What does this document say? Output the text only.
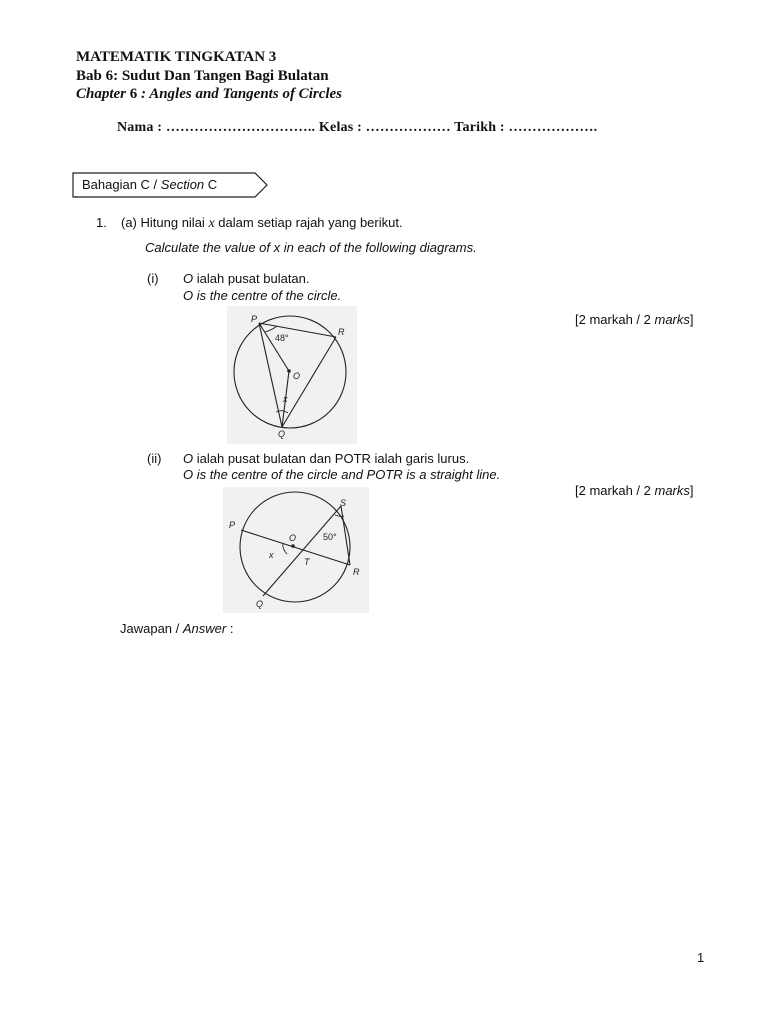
MATEMATIK TINGKATAN 3
Bab 6: Sudut Dan Tangen Bagi Bulatan
Chapter 6 : Angles and Tangents of Circles
Nama : ………………………….. Kelas : ……………… Tarikh : ……………….
Bahagian C / Section C
1. (a) Hitung nilai x dalam setiap rajah yang berikut.
Calculate the value of x in each of the following diagrams.
(i) O ialah pusat bulatan.
O is the centre of the circle.
[2 markah / 2 marks]
P
R
O
Q
x
48°
(ii) O ialah pusat bulatan dan POTR ialah garis lurus.
O is the centre of the circle and POTR is a straight line.
[2 markah / 2 marks]
P
S
O
T
R
Q
x
50°
Jawapan / Answer :
1
